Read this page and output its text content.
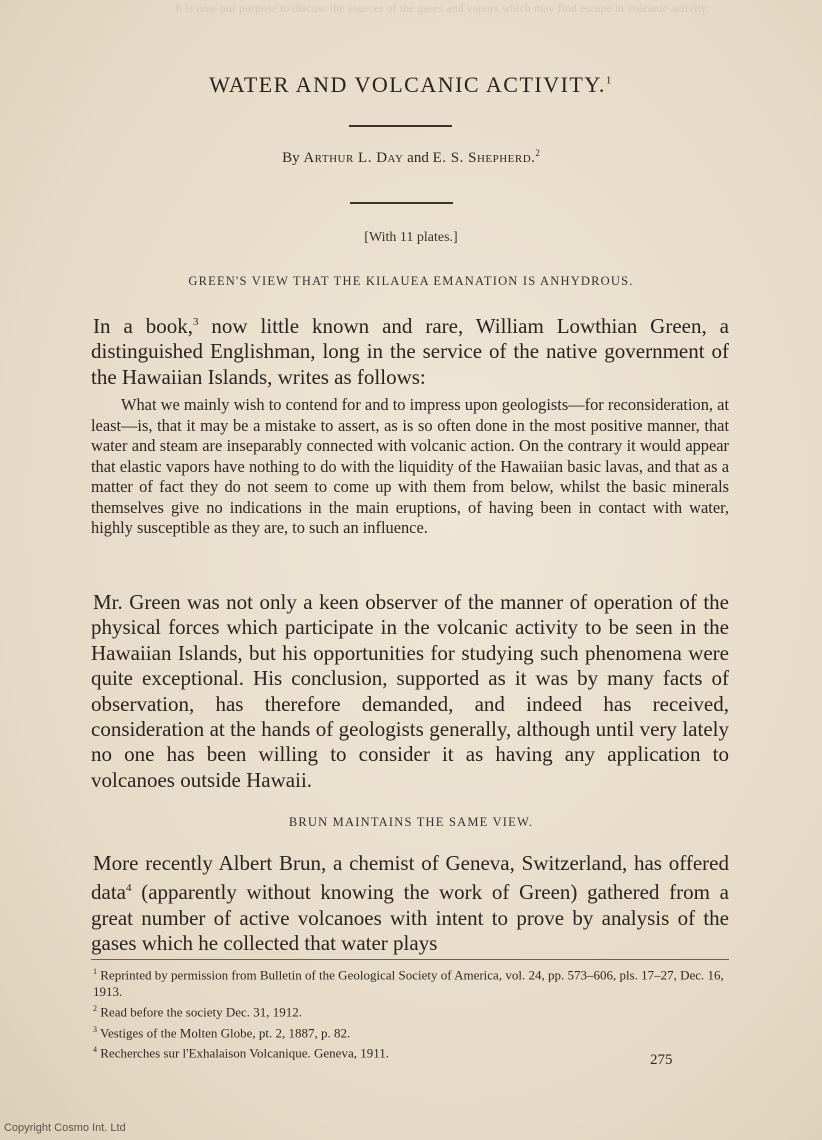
It is now our purpose to discuss the sources of the gases and vapors which may find escape in volcanic activity.
WATER AND VOLCANIC ACTIVITY.$^1$
By Arthur L. Day and E. S. Shepherd.$^2$
[With 11 plates.]
GREEN'S VIEW THAT THE KILAUEA EMANATION IS ANHYDROUS.
In a book,$^3$ now little known and rare, William Lowthian Green, a distinguished Englishman, long in the service of the native government of the Hawaiian Islands, writes as follows:
What we mainly wish to contend for and to impress upon geologists—for reconsideration, at least—is, that it may be a mistake to assert, as is so often done in the most positive manner, that water and steam are inseparably connected with volcanic action. On the contrary it would appear that elastic vapors have nothing to do with the liquidity of the Hawaiian basic lavas, and that as a matter of fact they do not seem to come up with them from below, whilst the basic minerals themselves give no indications in the main eruptions, of having been in contact with water, highly susceptible as they are, to such an influence.
Mr. Green was not only a keen observer of the manner of operation of the physical forces which participate in the volcanic activity to be seen in the Hawaiian Islands, but his opportunities for studying such phenomena were quite exceptional. His conclusion, supported as it was by many facts of observation, has therefore demanded, and indeed has received, consideration at the hands of geologists generally, although until very lately no one has been willing to consider it as having any application to volcanoes outside Hawaii.
BRUN MAINTAINS THE SAME VIEW.
More recently Albert Brun, a chemist of Geneva, Switzerland, has offered data$^4$ (apparently without knowing the work of Green) gathered from a great number of active volcanoes with intent to prove by analysis of the gases which he collected that water plays
$^1$ Reprinted by permission from Bulletin of the Geological Society of America, vol. 24, pp. 573–606, pls. 17–27, Dec. 16, 1913.
$^2$ Read before the society Dec. 31, 1912.
$^3$ Vestiges of the Molten Globe, pt. 2, 1887, p. 82.
$^4$ Recherches sur l'Exhalaison Volcanique. Geneva, 1911.	275
Copyright Cosmo Int. Ltd
